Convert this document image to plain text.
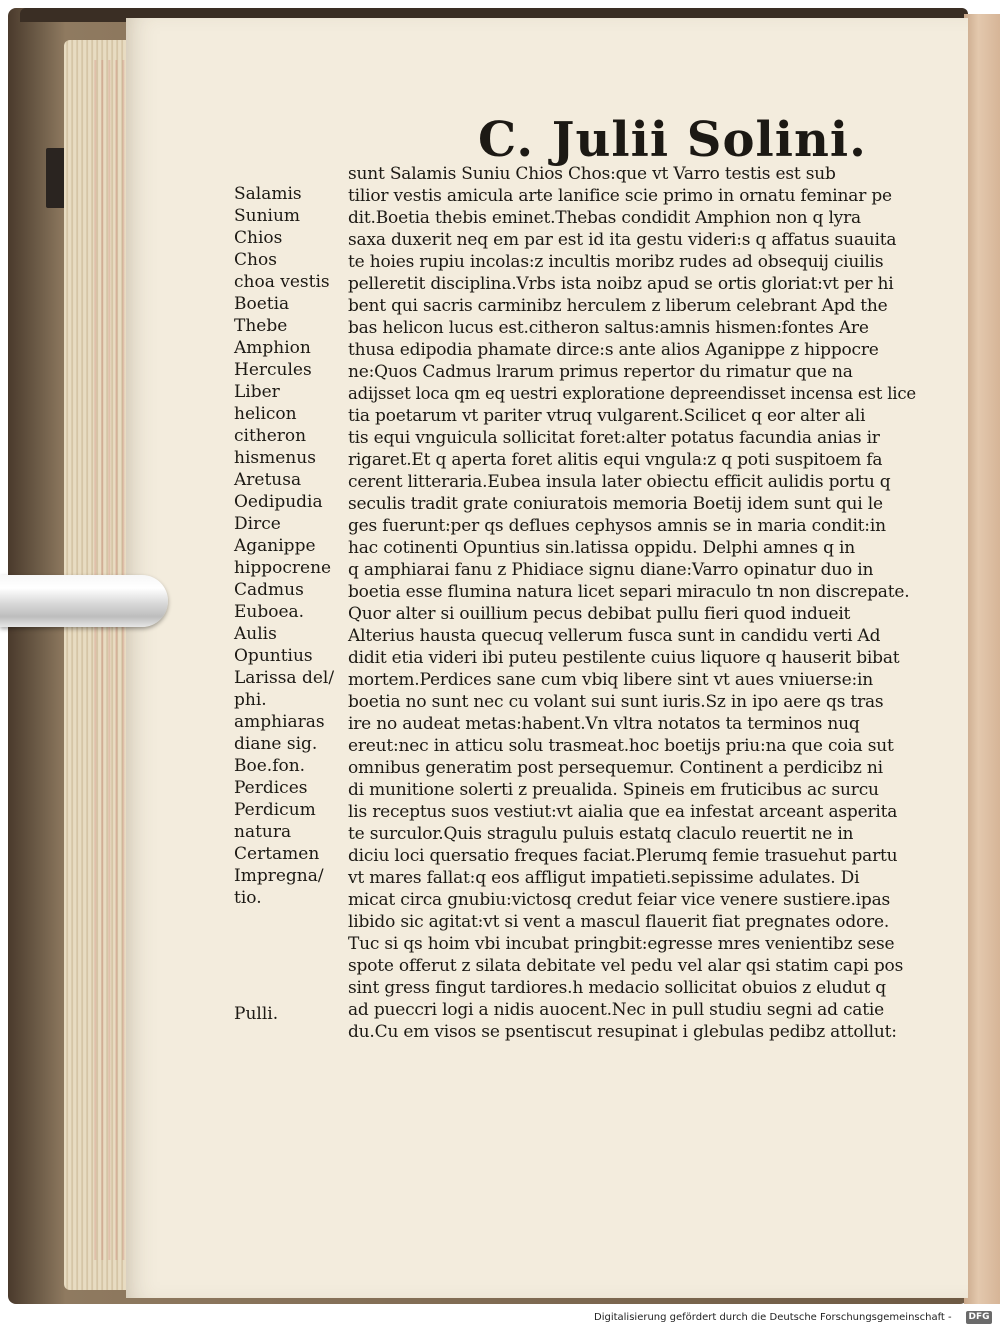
C. Julii Solini.
Salamis
Sunium
Chios
Chos
choa vestis
Boetia
Thebe
Amphion
Hercules
Liber
helicon
citheron
hismenus
Aretusa
Oedipudia
Dirce
Aganippe
hippocrene
Cadmus
Euboea.
Aulis
Opuntius
Larissa del/
phi.
amphiaras
diane sig.
Boe.fon.
Perdices
Perdicum
natura
Certamen
Impregna/
tio.
Pulli.
sunt Salamis Suniu Chios Chos:que vt Varro testis est sub
tilior vestis amicula arte lanifice scie primo in ornatu feminar pe
dit.Boetia thebis eminet.Thebas condidit Amphion non q lyra
saxa duxerit neq em par est id ita gestu videri:s q affatus suauita
te hoies rupiu incolas:z incultis moribz rudes ad obsequij ciuilis
pelleretit disciplina.Vrbs ista noibz apud se ortis gloriat:vt per hi
bent qui sacris carminibz herculem z liberum celebrant Apd the
bas helicon lucus est.citheron saltus:amnis hismen:fontes Are
thusa edipodia phamate dirce:s ante alios Aganippe z hippocre
ne:Quos Cadmus lrarum primus repertor du rimatur que na
adijsset loca qm eq uestri exploratione depreendisset incensa est lice
tia poetarum vt pariter vtruq vulgarent.Scilicet q eor alter ali
tis equi vnguicula sollicitat foret:alter potatus facundia anias ir
rigaret.Et q aperta foret alitis equi vngula:z q poti suspitoem fa
cerent litteraria.Eubea insula later obiectu efficit aulidis portu q
seculis tradit grate coniuratois memoria Boetij idem sunt qui le
ges fuerunt:per qs deflues cephysos amnis se in maria condit:in
hac cotinenti Opuntius sin.latissa oppidu. Delphi amnes q in
q amphiarai fanu z Phidiace signu diane:Varro opinatur duo in
boetia esse flumina natura licet separi miraculo tn non discrepate.
Quor alter si ouillium pecus debibat pullu fieri quod indueit
Alterius hausta quecuq vellerum fusca sunt in candidu verti Ad
didit etia videri ibi puteu pestilente cuius liquore q hauserit bibat
mortem.Perdices sane cum vbiq libere sint vt aues vniuerse:in
boetia no sunt nec cu volant sui sunt iuris.Sz in ipo aere qs tras
ire no audeat metas:habent.Vn vltra notatos ta terminos nuq
ereut:nec in atticu solu trasmeat.hoc boetijs priu:na que coia sut
omnibus generatim post persequemur. Continent a perdicibz ni
di munitione solerti z preualida. Spineis em fruticibus ac surcu
lis receptus suos vestiut:vt aialia que ea infestat arceant asperita
te surculor.Quis stragulu puluis estatq claculo reuertit ne in
diciu loci quersatio freques faciat.Plerumq femie trasuehut partu
vt mares fallat:q eos affligut impatieti.sepissime adulates. Di
micat circa gnubiu:victosq credut feiar vice venere sustiere.ipas
libido sic agitat:vt si vent a mascul flauerit fiat pregnates odore.
Tuc si qs hoim vbi incubat pringbit:egresse mres venientibz sese
spote offerut z silata debitate vel pedu vel alar qsi statim capi pos
sint gress fingut tardiores.h medacio sollicitat obuios z eludut q
ad pueccri logi a nidis auocent.Nec in pull studiu segni ad catie
du.Cu em visos se psentiscut resupinat i glebulas pedibz attollut:
Digitalisierung gefördert durch die Deutsche Forschungsgemeinschaft - DFG
